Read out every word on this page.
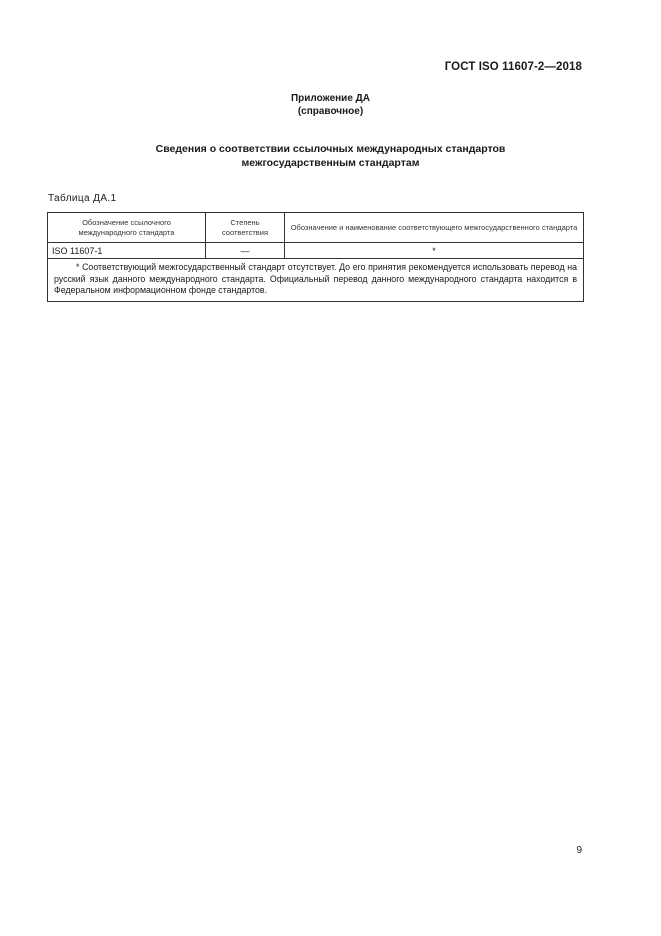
ГОСТ ISO 11607-2—2018
Приложение ДА
(справочное)
Сведения о соответствии ссылочных международных стандартов
межгосударственным стандартам
Таблица ДА.1
Обозначение ссылочного международного стандарта	Степень соответствия	Обозначение и наименование соответствующего межгосударственного стандарта
ISO 11607-1	—	*
* Соответствующий межгосударственный стандарт отсутствует. До его принятия рекомендуется использовать перевод на русский язык данного международного стандарта. Официальный перевод данного международного стандарта находится в Федеральном информационном фонде стандартов.		
9
